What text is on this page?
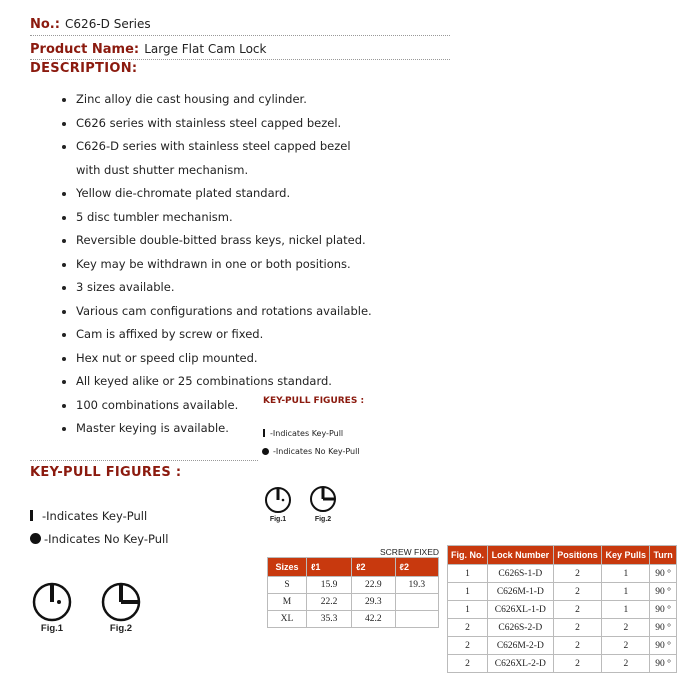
No.: C626-D Series
Product Name: Large Flat Cam Lock
DESCRIPTION:
Zinc alloy die cast housing and cylinder.
C626 series with stainless steel capped bezel.
C626-D series with stainless steel capped bezel
with dust shutter mechanism.
Yellow die-chromate plated standard.
5 disc tumbler mechanism.
Reversible double-bitted brass keys, nickel plated.
Key may be withdrawn in one or both positions.
3 sizes available.
Various cam configurations and rotations available.
Cam is affixed by screw or fixed.
Hex nut or speed clip mounted.
All keyed alike or 25 combinations standard.
100 combinations available.
Master keying is available.
KEY-PULL FIGURES :
-Indicates Key-Pull
-Indicates No Key-Pull
Fig.1	Fig.2
KEY-PULL FIGURES :
-Indicates Key-Pull
-Indicates No Key-Pull
Fig.1	Fig.2
SCREW FIXED
Sizes	ℓ1	ℓ2	ℓ2
S	15.9	22.9	19.3
M	22.2	29.3	
XL	35.3	42.2	
Fig. No.	Lock Number	Positions	Key Pulls	Turn
1	C626S-1-D	2	1	90 °
1	C626M-1-D	2	1	90 °
1	C626XL-1-D	2	1	90 °
2	C626S-2-D	2	2	90 °
2	C626M-2-D	2	2	90 °
2	C626XL-2-D	2	2	90 °
